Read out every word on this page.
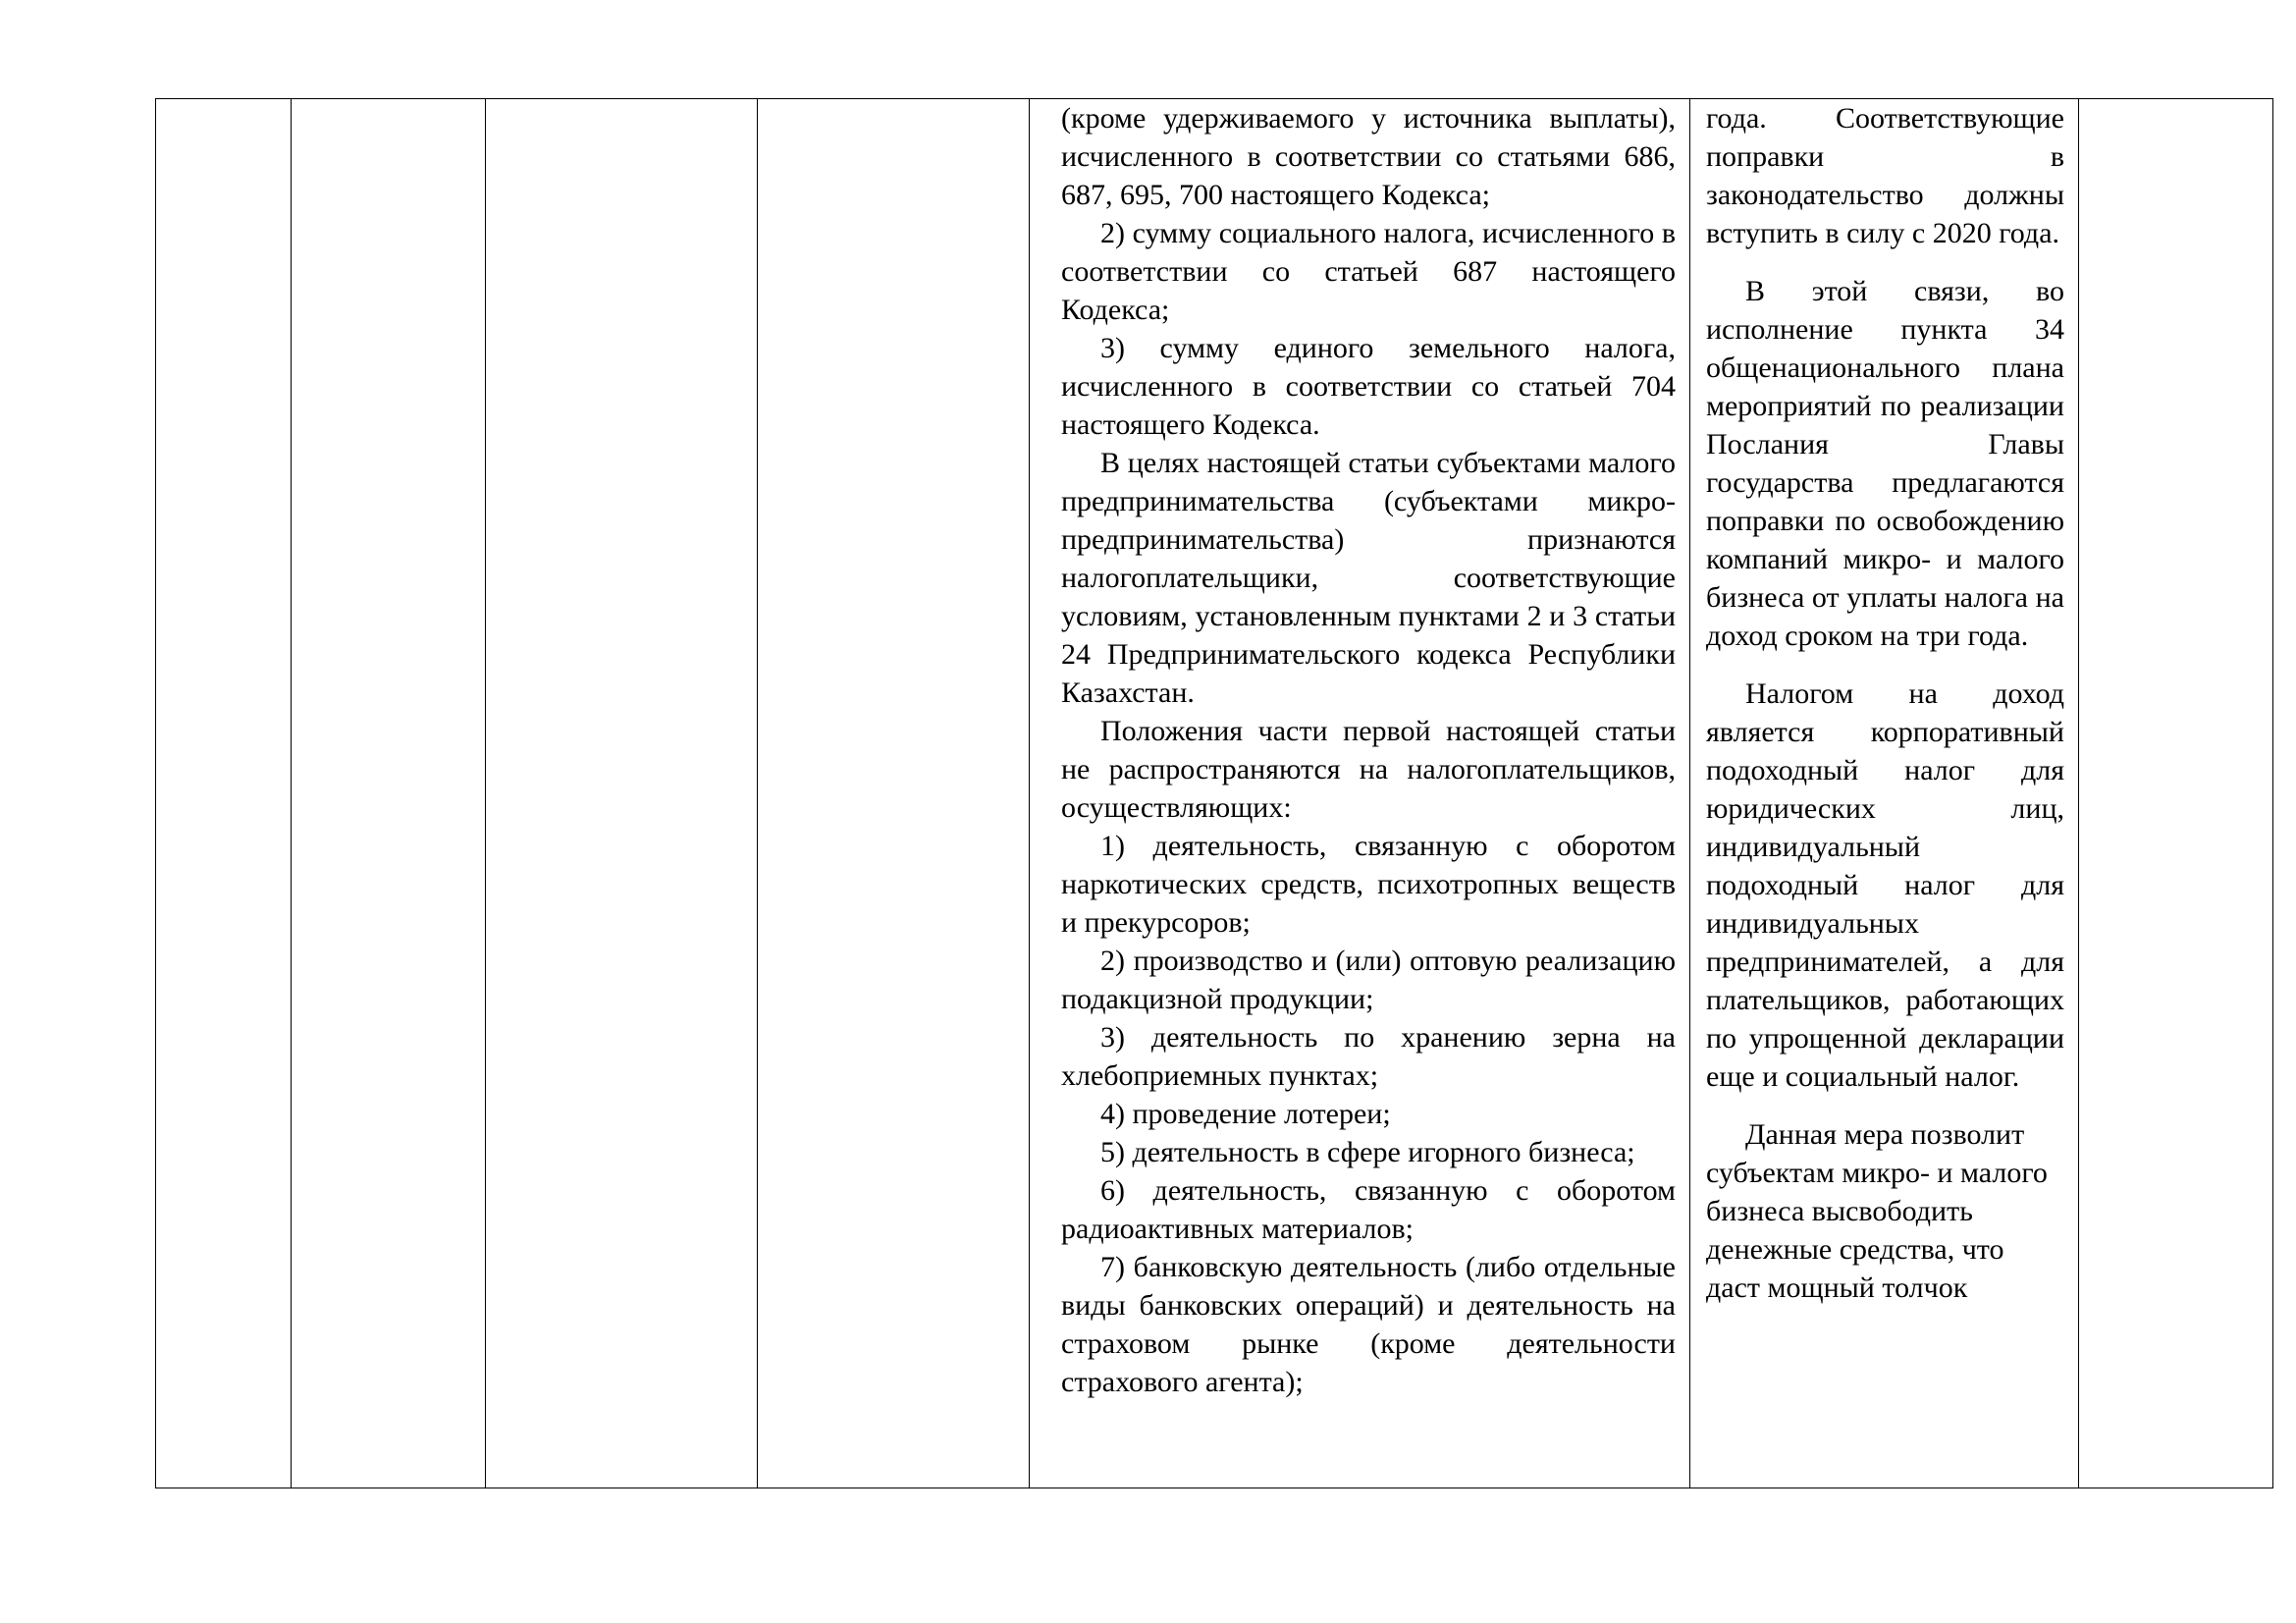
(кроме удерживаемого у источника выплаты), исчисленного в соответствии со статьями 686, 687, 695, 700 настоящего Кодекса;

2) сумму социального налога, исчисленного в соответствии со статьей 687 настоящего Кодекса;

3) сумму единого земельного налога, исчисленного в соответствии со статьей 704 настоящего Кодекса.

В целях настоящей статьи субъектами малого предпринимательства (субъектами микро-предпринимательства) признаются налогоплательщики, соответствующие условиям, установленным пунктами 2 и 3 статьи 24 Предпринимательского кодекса Республики Казахстан.

Положения части первой настоящей статьи не распространяются на налогоплательщиков, осуществляющих:

1) деятельность, связанную с оборотом наркотических средств, психотропных веществ и прекурсоров;

2) производство и (или) оптовую реализацию подакцизной продукции;

3) деятельность по хранению зерна на хлебоприемных пунктах;

4) проведение лотереи;

5) деятельность в сфере игорного бизнеса;

6) деятельность, связанную с оборотом радиоактивных материалов;

7) банковскую деятельность (либо отдельные виды банковских операций) и деятельность на страховом рынке (кроме деятельности страхового агента);

года. Соответствующие поправки в законодательство должны вступить в силу с 2020 года.

В этой связи, во исполнение пункта 34 общенационального плана мероприятий по реализации Послания Главы государства предлагаются поправки по освобождению компаний микро- и малого бизнеса от уплаты налога на доход сроком на три года.

Налогом на доход является корпоративный подоходный налог для юридических лиц, индивидуальный подоходный налог для индивидуальных предпринимателей, а для плательщиков, работающих по упрощенной декларации еще и социальный налог.

Данная мера позволит субъектам микро- и малого бизнеса высвободить денежные средства, что даст мощный толчок
